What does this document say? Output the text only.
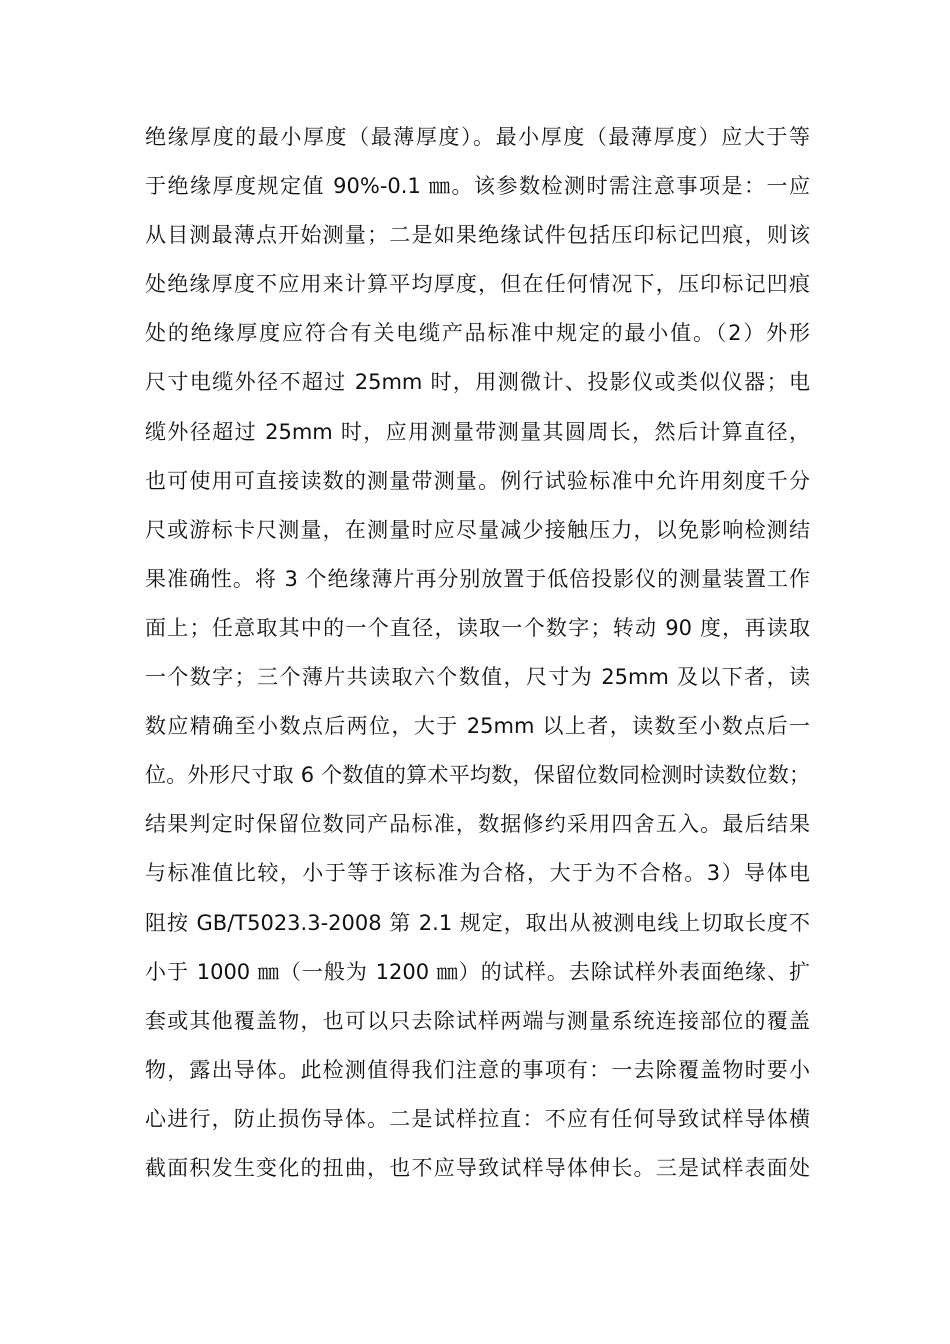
绝缘厚度的最小厚度（最薄厚度）。最小厚度（最薄厚度）应大于等
于绝缘厚度规定值 90%-0.1 ㎜。该参数检测时需注意事项是：一应
从目测最薄点开始测量；二是如果绝缘试件包括压印标记凹痕，则该
处绝缘厚度不应用来计算平均厚度，但在任何情况下，压印标记凹痕
处的绝缘厚度应符合有关电缆产品标准中规定的最小值。（2）外形
尺寸电缆外径不超过 25mm 时，用测微计、投影仪或类似仪器；电
缆外径超过 25mm 时，应用测量带测量其圆周长，然后计算直径，
也可使用可直接读数的测量带测量。例行试验标准中允许用刻度千分
尺或游标卡尺测量，在测量时应尽量减少接触压力，以免影响检测结
果准确性。将 3 个绝缘薄片再分别放置于低倍投影仪的测量装置工作
面上；任意取其中的一个直径，读取一个数字；转动 90 度，再读取
一个数字；三个薄片共读取六个数值，尺寸为 25mm 及以下者，读
数应精确至小数点后两位，大于 25mm 以上者，读数至小数点后一
位。外形尺寸取 6 个数值的算术平均数，保留位数同检测时读数位数；
结果判定时保留位数同产品标准，数据修约采用四舍五入。最后结果
与标准值比较，小于等于该标准为合格，大于为不合格。3）导体电
阻按 GB/T5023.3-2008 第 2.1 规定，取出从被测电线上切取长度不
小于 1000 ㎜（一般为 1200 ㎜）的试样。去除试样外表面绝缘、扩
套或其他覆盖物，也可以只去除试样两端与测量系统连接部位的覆盖
物，露出导体。此检测值得我们注意的事项有：一去除覆盖物时要小
心进行，防止损伤导体。二是试样拉直：不应有任何导致试样导体横
截面积发生变化的扭曲，也不应导致试样导体伸长。三是试样表面处
